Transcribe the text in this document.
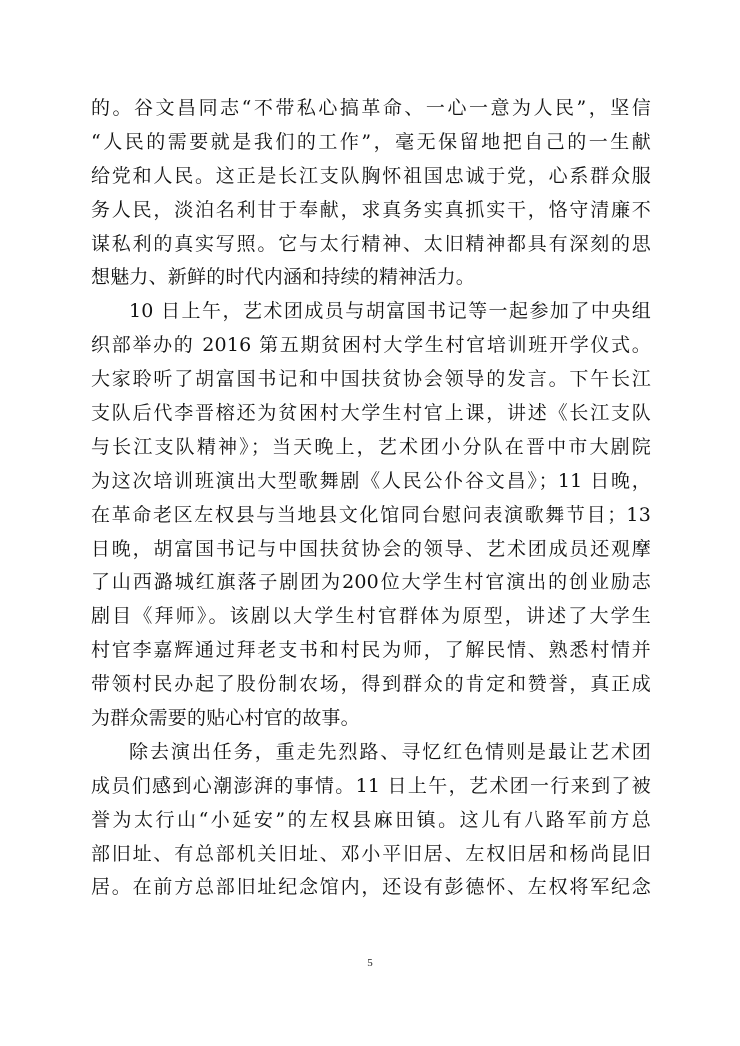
的。谷文昌同志“不带私心搞革命、一心一意为人民”，坚信
“人民的需要就是我们的工作”，毫无保留地把自己的一生献
给党和人民。这正是长江支队胸怀祖国忠诚于党，心系群众服
务人民，淡泊名利甘于奉献，求真务实真抓实干，恪守清廉不
谋私利的真实写照。它与太行精神、太旧精神都具有深刻的思
想魅力、新鲜的时代内涵和持续的精神活力。
10 日上午，艺术团成员与胡富国书记等一起参加了中央组
织部举办的 2016 第五期贫困村大学生村官培训班开学仪式。
大家聆听了胡富国书记和中国扶贫协会领导的发言。下午长江
支队后代李晋榕还为贫困村大学生村官上课，讲述《长江支队
与长江支队精神》；当天晚上，艺术团小分队在晋中市大剧院
为这次培训班演出大型歌舞剧《人民公仆谷文昌》；11 日晚，
在革命老区左权县与当地县文化馆同台慰问表演歌舞节目；13
日晚，胡富国书记与中国扶贫协会的领导、艺术团成员还观摩
了山西潞城红旗落子剧团为200位大学生村官演出的创业励志
剧目《拜师》。该剧以大学生村官群体为原型，讲述了大学生
村官李嘉辉通过拜老支书和村民为师，了解民情、熟悉村情并
带领村民办起了股份制农场，得到群众的肯定和赞誉，真正成
为群众需要的贴心村官的故事。
除去演出任务，重走先烈路、寻忆红色情则是最让艺术团
成员们感到心潮澎湃的事情。11 日上午，艺术团一行来到了被
誉为太行山“小延安”的左权县麻田镇。这儿有八路军前方总
部旧址、有总部机关旧址、邓小平旧居、左权旧居和杨尚昆旧
居。在前方总部旧址纪念馆内，还设有彭德怀、左权将军纪念
5
